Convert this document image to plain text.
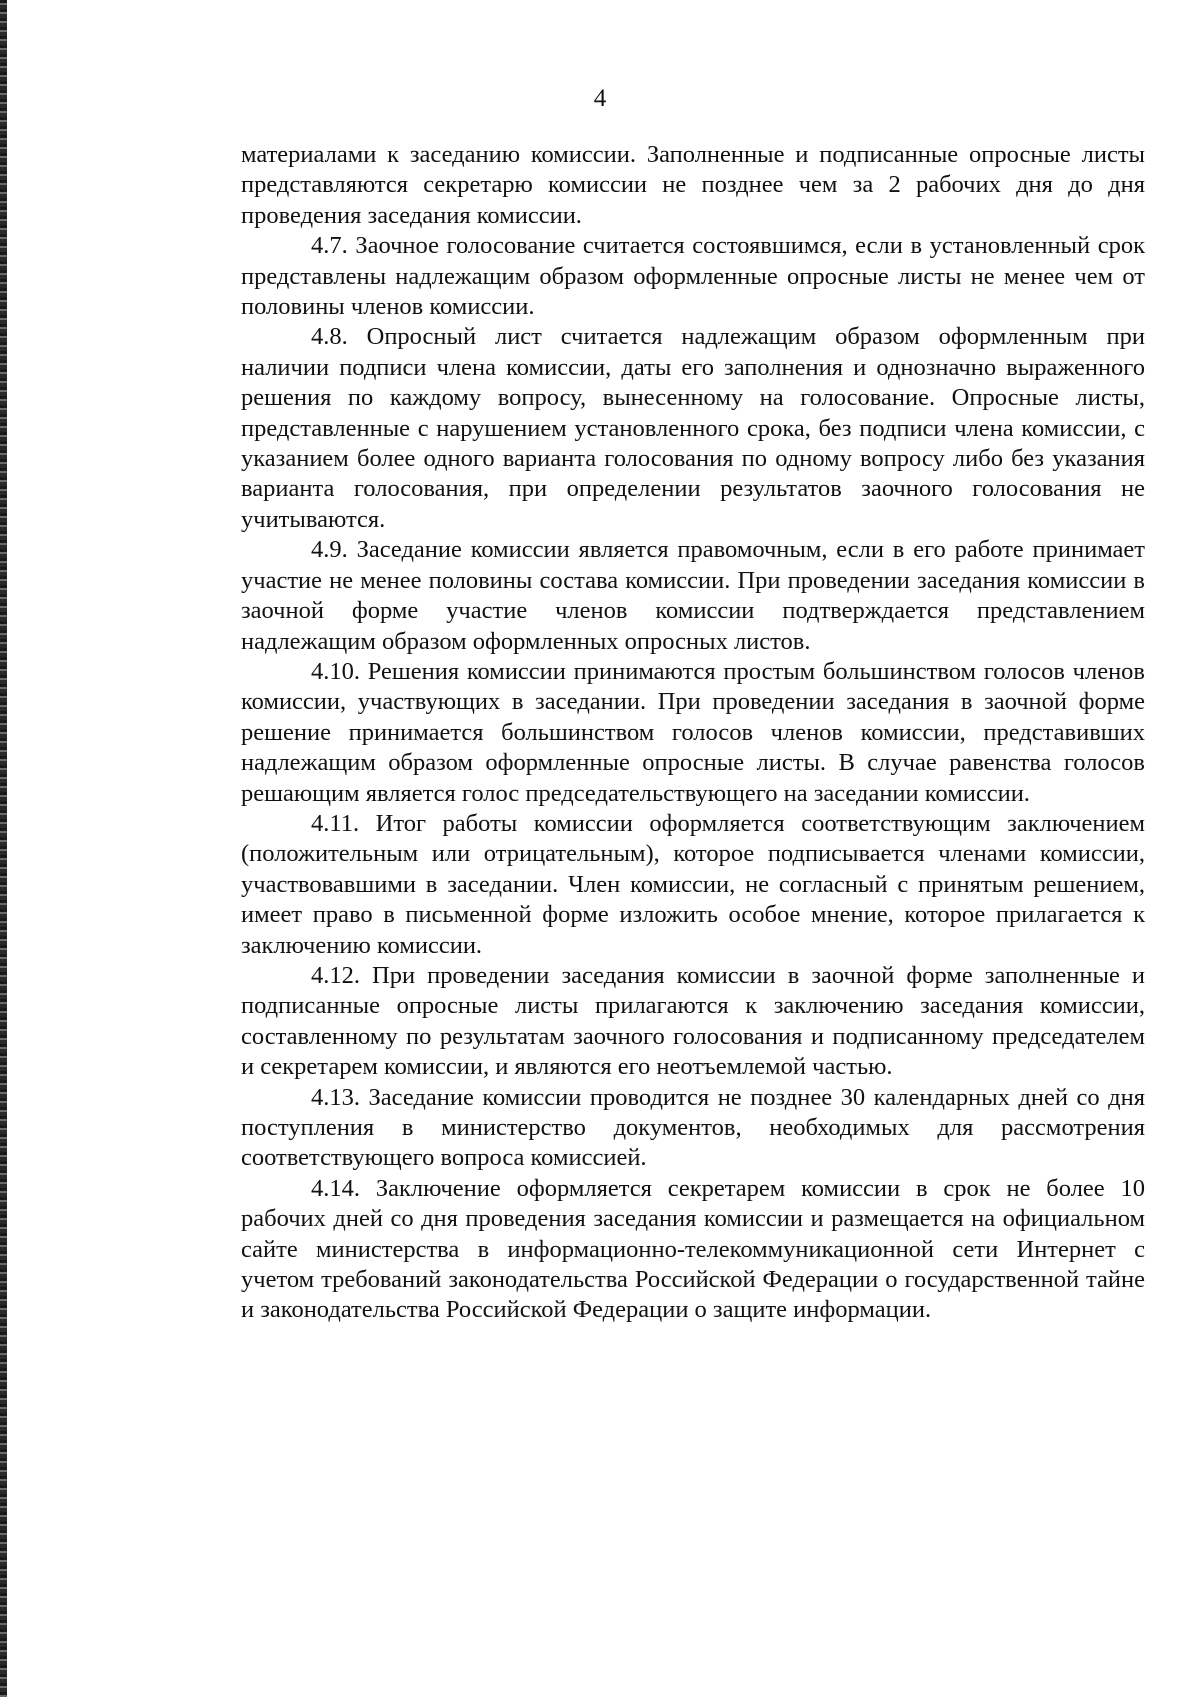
4

материалами к заседанию комиссии. Заполненные и подписанные опросные листы представляются секретарю комиссии не позднее чем за 2 рабочих дня до дня проведения заседания комиссии.

4.7. Заочное голосование считается состоявшимся, если в установленный срок представлены надлежащим образом оформленные опросные листы не менее чем от половины членов комиссии.

4.8. Опросный лист считается надлежащим образом оформленным при наличии подписи члена комиссии, даты его заполнения и однозначно выраженного решения по каждому вопросу, вынесенному на голосование. Опросные листы, представленные с нарушением установленного срока, без подписи члена комиссии, с указанием более одного варианта голосования по одному вопросу либо без указания варианта голосования, при определении результатов заочного голосования не учитываются.

4.9. Заседание комиссии является правомочным, если в его работе принимает участие не менее половины состава комиссии. При проведении заседания комиссии в заочной форме участие членов комиссии подтверждается представлением надлежащим образом оформленных опросных листов.

4.10. Решения комиссии принимаются простым большинством голосов членов комиссии, участвующих в заседании. При проведении заседания в заочной форме решение принимается большинством голосов членов комиссии, представивших надлежащим образом оформленные опросные листы. В случае равенства голосов решающим является голос председательствующего на заседании комиссии.

4.11. Итог работы комиссии оформляется соответствующим заключением (положительным или отрицательным), которое подписывается членами комиссии, участвовавшими в заседании. Член комиссии, не согласный с принятым решением, имеет право в письменной форме изложить особое мнение, которое прилагается к заключению комиссии.

4.12. При проведении заседания комиссии в заочной форме заполненные и подписанные опросные листы прилагаются к заключению заседания комиссии, составленному по результатам заочного голосования и подписанному председателем и секретарем комиссии, и являются его неотъемлемой частью.

4.13. Заседание комиссии проводится не позднее 30 календарных дней со дня поступления в министерство документов, необходимых для рассмотрения соответствующего вопроса комиссией.

4.14. Заключение оформляется секретарем комиссии в срок не более 10 рабочих дней со дня проведения заседания комиссии и размещается на официальном сайте министерства в информационно-телекоммуникационной сети Интернет с учетом требований законодательства Российской Федерации о государственной тайне и законодательства Российской Федерации о защите информации.
